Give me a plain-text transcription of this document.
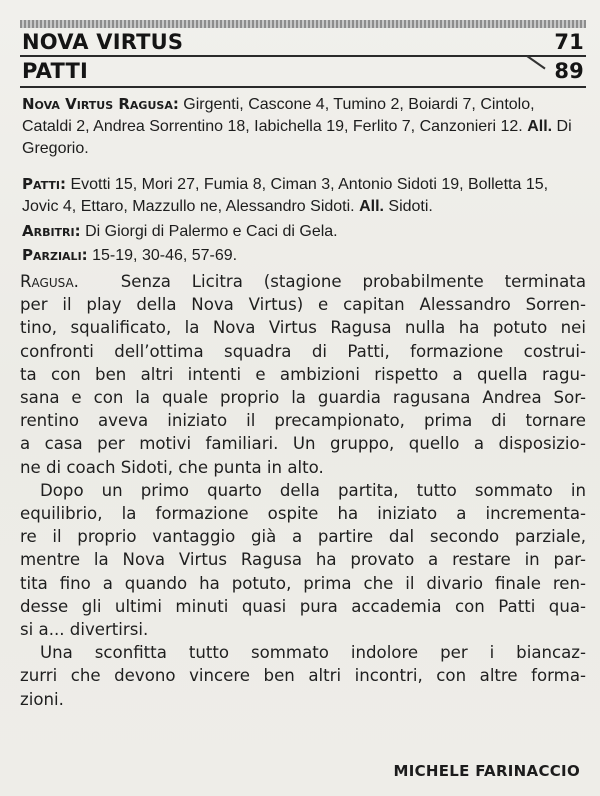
NOVA VIRTUS	71
PATTI	89
Nova Virtus Ragusa: Girgenti, Cascone 4, Tumino 2, Boiardi 7, Cintolo, Cataldi 2, Andrea Sorrentino 18, Iabichella 19, Ferlito 7, Canzonieri 12. All. Di Gregorio.
Patti: Evotti 15, Mori 27, Fumia 8, Ciman 3, Antonio Sidoti 19, Bolletta 15, Jovic 4, Ettaro, Mazzullo ne, Alessandro Sidoti. All. Sidoti.
Arbitri: Di Giorgi di Palermo e Caci di Gela.
Parziali: 15-19, 30-46, 57-69.

Ragusa.	Senza Licitra (stagione probabilmente terminata
per il play della Nova Virtus) e capitan Alessandro Sorren-
tino, squalificato, la Nova Virtus Ragusa nulla ha potuto nei
confronti dell’ottima squadra di Patti, formazione costrui-
ta con ben altri intenti e ambizioni rispetto a quella ragu-
sana e con la quale proprio la guardia ragusana Andrea Sor-
rentino aveva iniziato il precampionato, prima di tornare
a casa per motivi familiari. Un gruppo, quello a disposizio-
ne di coach Sidoti, che punta in alto.

Dopo un primo quarto della partita, tutto sommato in
equilibrio, la formazione ospite ha iniziato a incrementa-
re il proprio vantaggio già a partire dal secondo parziale,
mentre la Nova Virtus Ragusa ha provato a restare in par-
tita fino a quando ha potuto, prima che il divario finale ren-
desse gli ultimi minuti quasi pura accademia con Patti qua-
si a... divertirsi.

Una sconfitta tutto sommato indolore per i biancaz-
zurri che devono vincere ben altri incontri, con altre forma-
zioni.

MICHELE FARINACCIO
